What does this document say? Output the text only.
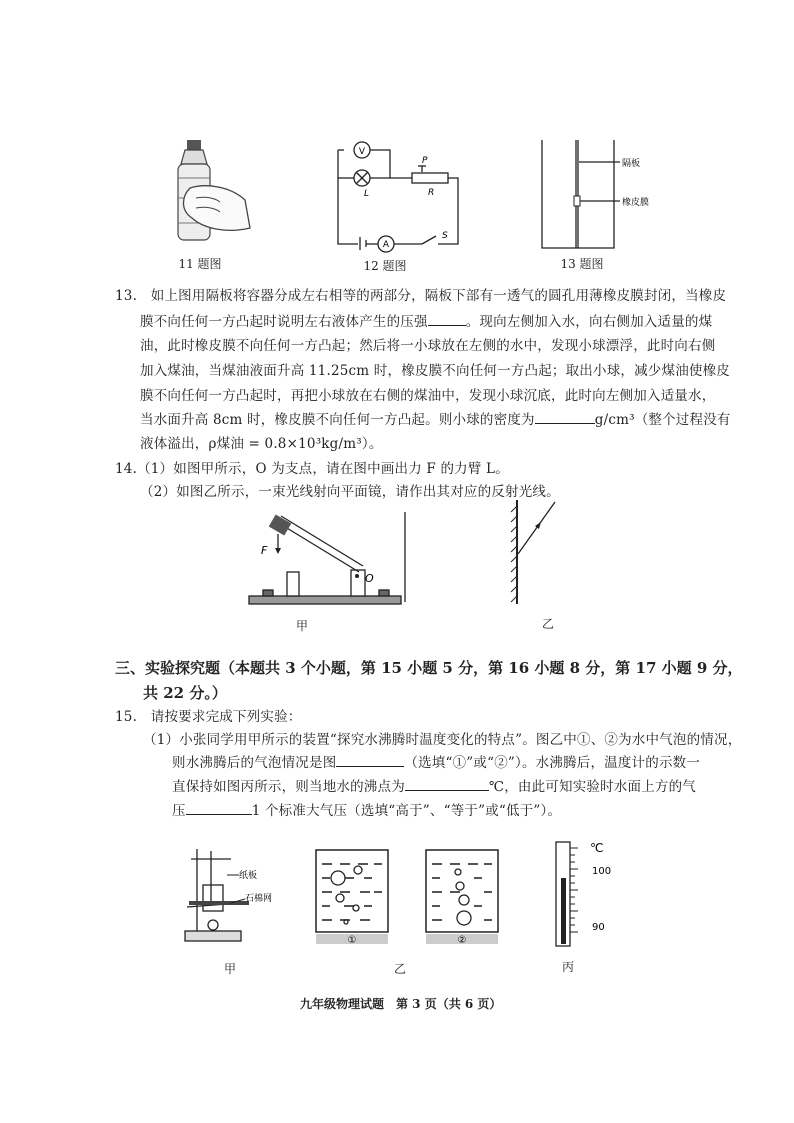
11 题图
V
L
P
R
A
S
12 题图
隔板
橡皮膜
13 题图
13.　如上图用隔板将容器分成左右相等的两部分，隔板下部有一透气的圆孔用薄橡皮膜封闭，当橡皮
膜不向任何一方凸起时说明左右液体产生的压强	。现向左侧加入水，向右侧加入适量的煤
油，此时橡皮膜不向任何一方凸起；然后将一小球放在左侧的水中，发现小球漂浮，此时向右侧
加入煤油，当煤油液面升高 11.25cm 时，橡皮膜不向任何一方凸起；取出小球，减少煤油使橡皮
膜不向任何一方凸起时，再把小球放在右侧的煤油中，发现小球沉底，此时向左侧加入适量水，
当水面升高 8cm 时，橡皮膜不向任何一方凸起。则小球的密度为	g/cm³（整个过程没有
液体溢出，ρ煤油 = 0.8×10³kg/m³）。
14.（1）如图甲所示，O 为支点，请在图中画出力 F 的力臂 L。
（2）如图乙所示，一束光线射向平面镜，请作出其对应的反射光线。
F
O
甲	乙
三、实验探究题（本题共 3 个小题，第 15 小题 5 分，第 16 小题 8 分，第 17 小题 9 分，
共 22 分。）
15.　请按要求完成下列实验：
（1）小张同学用甲所示的装置“探究水沸腾时温度变化的特点”。图乙中①、②为水中气泡的情况，
则水沸腾后的气泡情况是图	（选填“①”或“②”）。水沸腾后，温度计的示数一
直保持如图丙所示，则当地水的沸点为	℃，由此可知实验时水面上方的气
压	1 个标准大气压（选填“高于”、“等于”或“低于”）。
纸板
石棉网
甲
①	②
乙
℃
100
90
丙
九年级物理试题　第 3 页（共 6 页）
